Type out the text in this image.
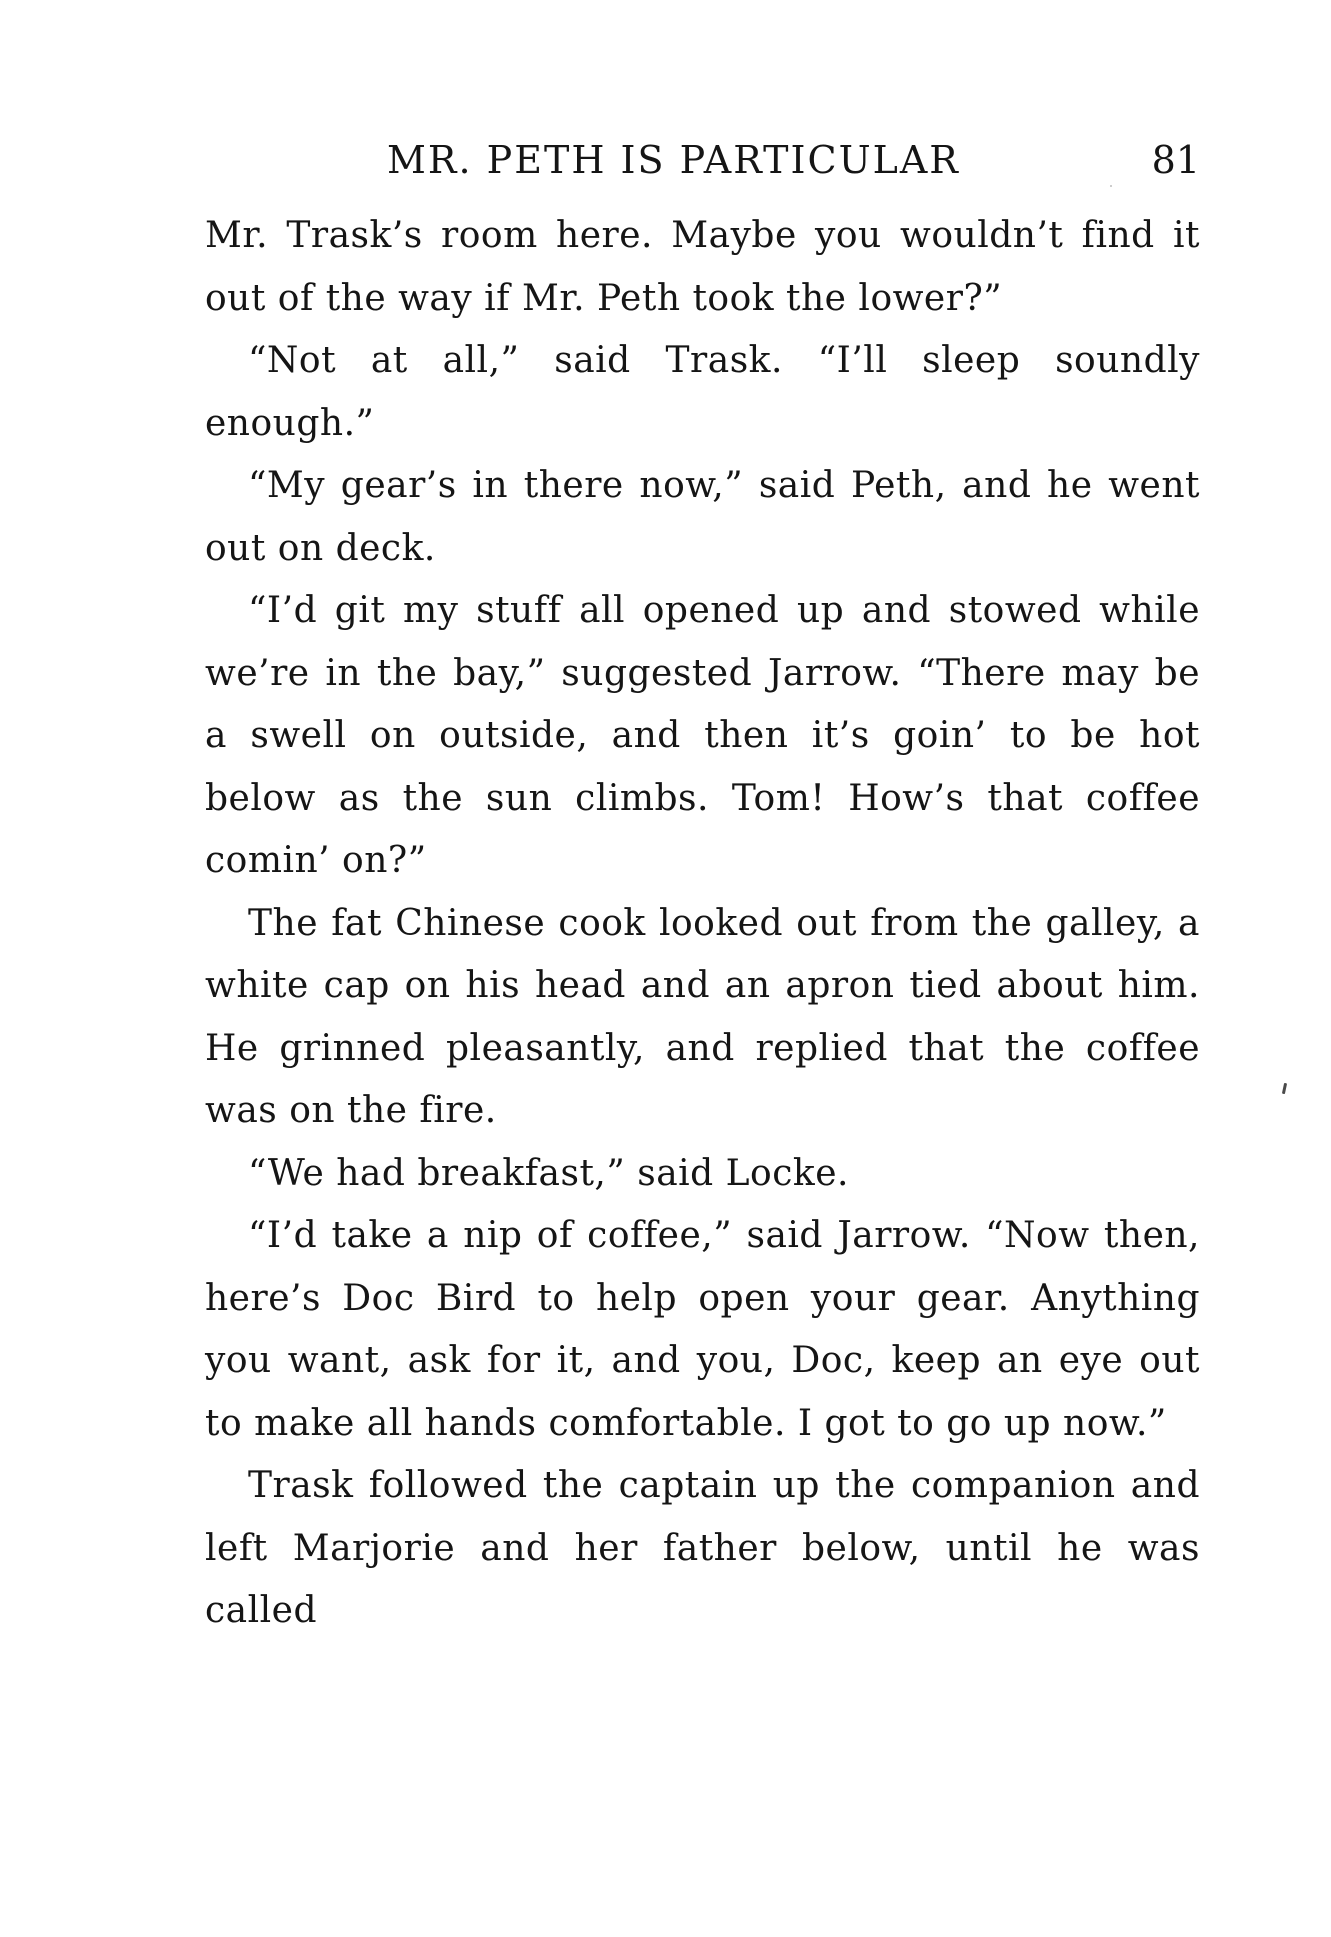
MR. PETH IS PARTICULAR	81

Mr. Trask’s room here. Maybe you wouldn’t find it out of the way if Mr. Peth took the lower?”

“Not at all,” said Trask. “I’ll sleep soundly enough.”

“My gear’s in there now,” said Peth, and he went out on deck.

“I’d git my stuff all opened up and stowed while we’re in the bay,” suggested Jarrow. “There may be a swell on outside, and then it’s goin’ to be hot below as the sun climbs. Tom! How’s that coffee comin’ on?”

The fat Chinese cook looked out from the galley, a white cap on his head and an apron tied about him. He grinned pleasantly, and replied that the coffee was on the fire.

“We had breakfast,” said Locke.

“I’d take a nip of coffee,” said Jarrow. “Now then, here’s Doc Bird to help open your gear. Anything you want, ask for it, and you, Doc, keep an eye out to make all hands comfortable. I got to go up now.”

Trask followed the captain up the companion and left Marjorie and her father below, until he was called
